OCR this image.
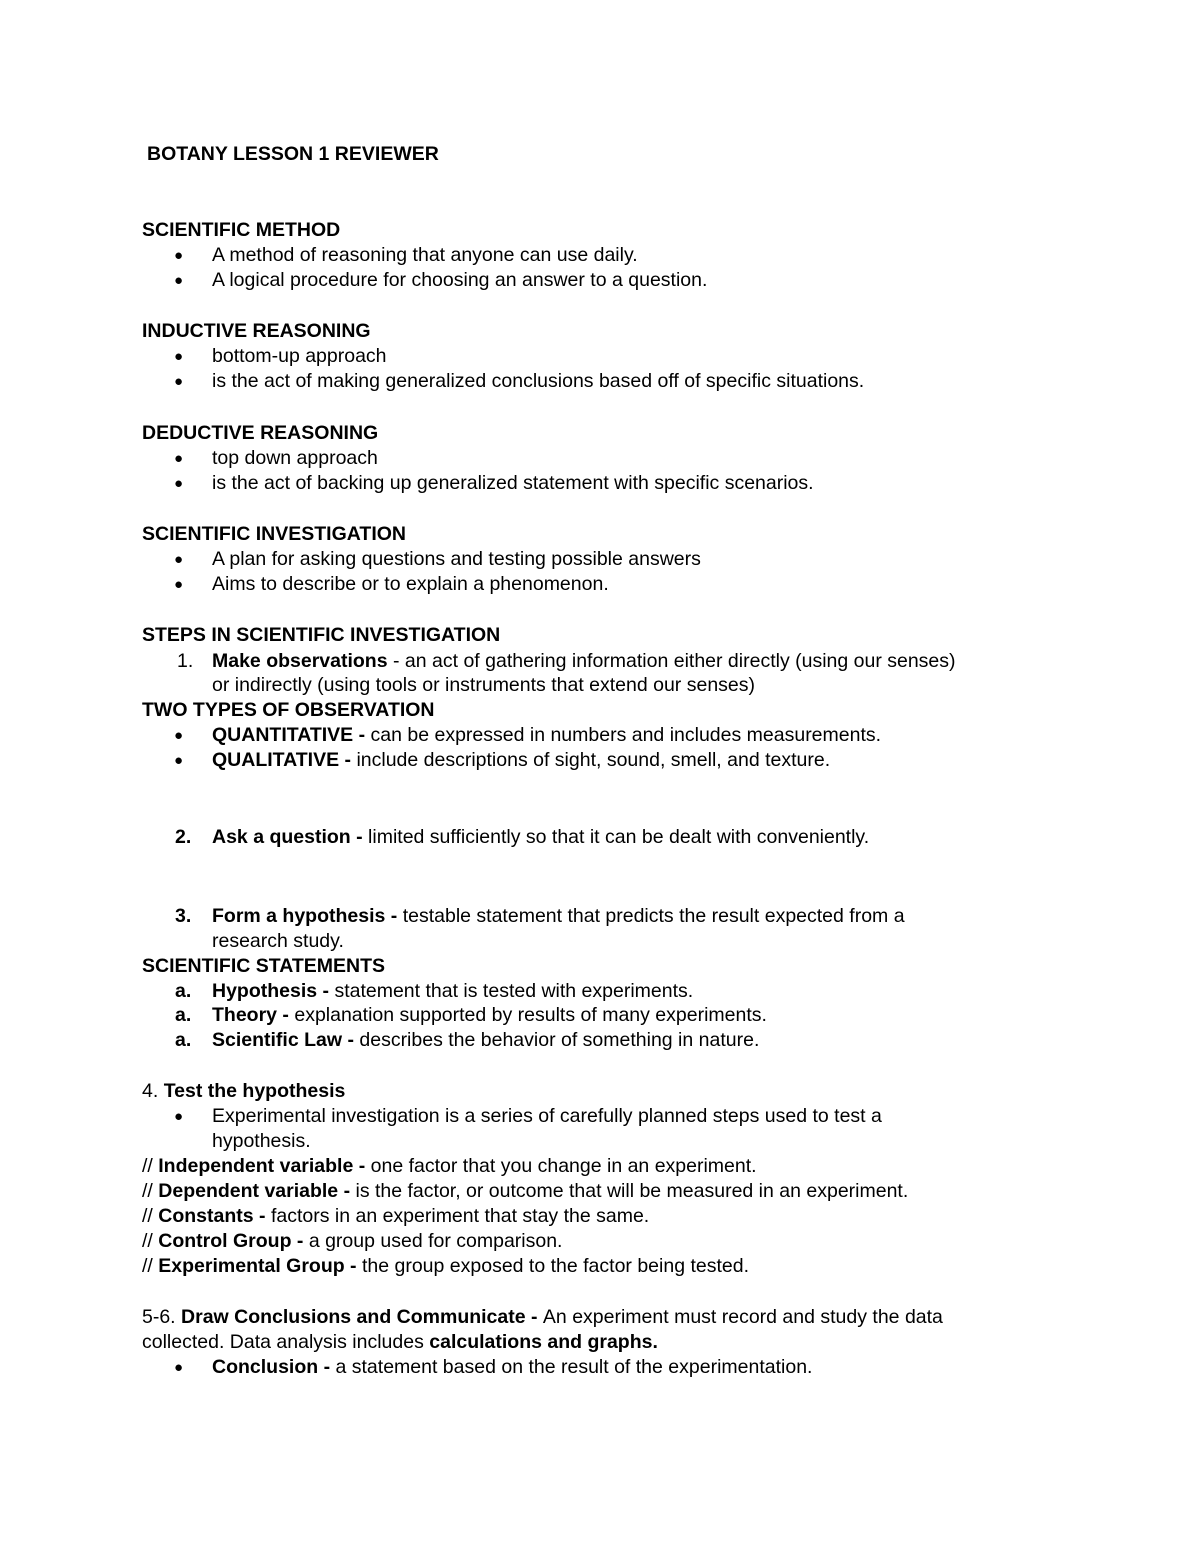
BOTANY LESSON 1 REVIEWER
SCIENTIFIC METHOD
● A method of reasoning that anyone can use daily.
● A logical procedure for choosing an answer to a question.
INDUCTIVE REASONING
● bottom-up approach
● is the act of making generalized conclusions based off of specific situations.
DEDUCTIVE REASONING
● top down approach
● is the act of backing up generalized statement with specific scenarios.
SCIENTIFIC INVESTIGATION
● A plan for asking questions and testing possible answers
● Aims to describe or to explain a phenomenon.
STEPS IN SCIENTIFIC INVESTIGATION
1. Make observations - an act of gathering information either directly (using our senses)
or indirectly (using tools or instruments that extend our senses)
TWO TYPES OF OBSERVATION
● QUANTITATIVE - can be expressed in numbers and includes measurements.
● QUALITATIVE - include descriptions of sight, sound, smell, and texture.
2. Ask a question - limited sufficiently so that it can be dealt with conveniently.
3. Form a hypothesis - testable statement that predicts the result expected from a
research study.
SCIENTIFIC STATEMENTS
a. Hypothesis - statement that is tested with experiments.
a. Theory - explanation supported by results of many experiments.
a. Scientific Law - describes the behavior of something in nature.
4. Test the hypothesis
● Experimental investigation is a series of carefully planned steps used to test a
hypothesis.
// Independent variable - one factor that you change in an experiment.
// Dependent variable - is the factor, or outcome that will be measured in an experiment.
// Constants - factors in an experiment that stay the same.
// Control Group - a group used for comparison.
// Experimental Group - the group exposed to the factor being tested.
5-6. Draw Conclusions and Communicate - An experiment must record and study the data
collected. Data analysis includes calculations and graphs.
● Conclusion - a statement based on the result of the experimentation.
